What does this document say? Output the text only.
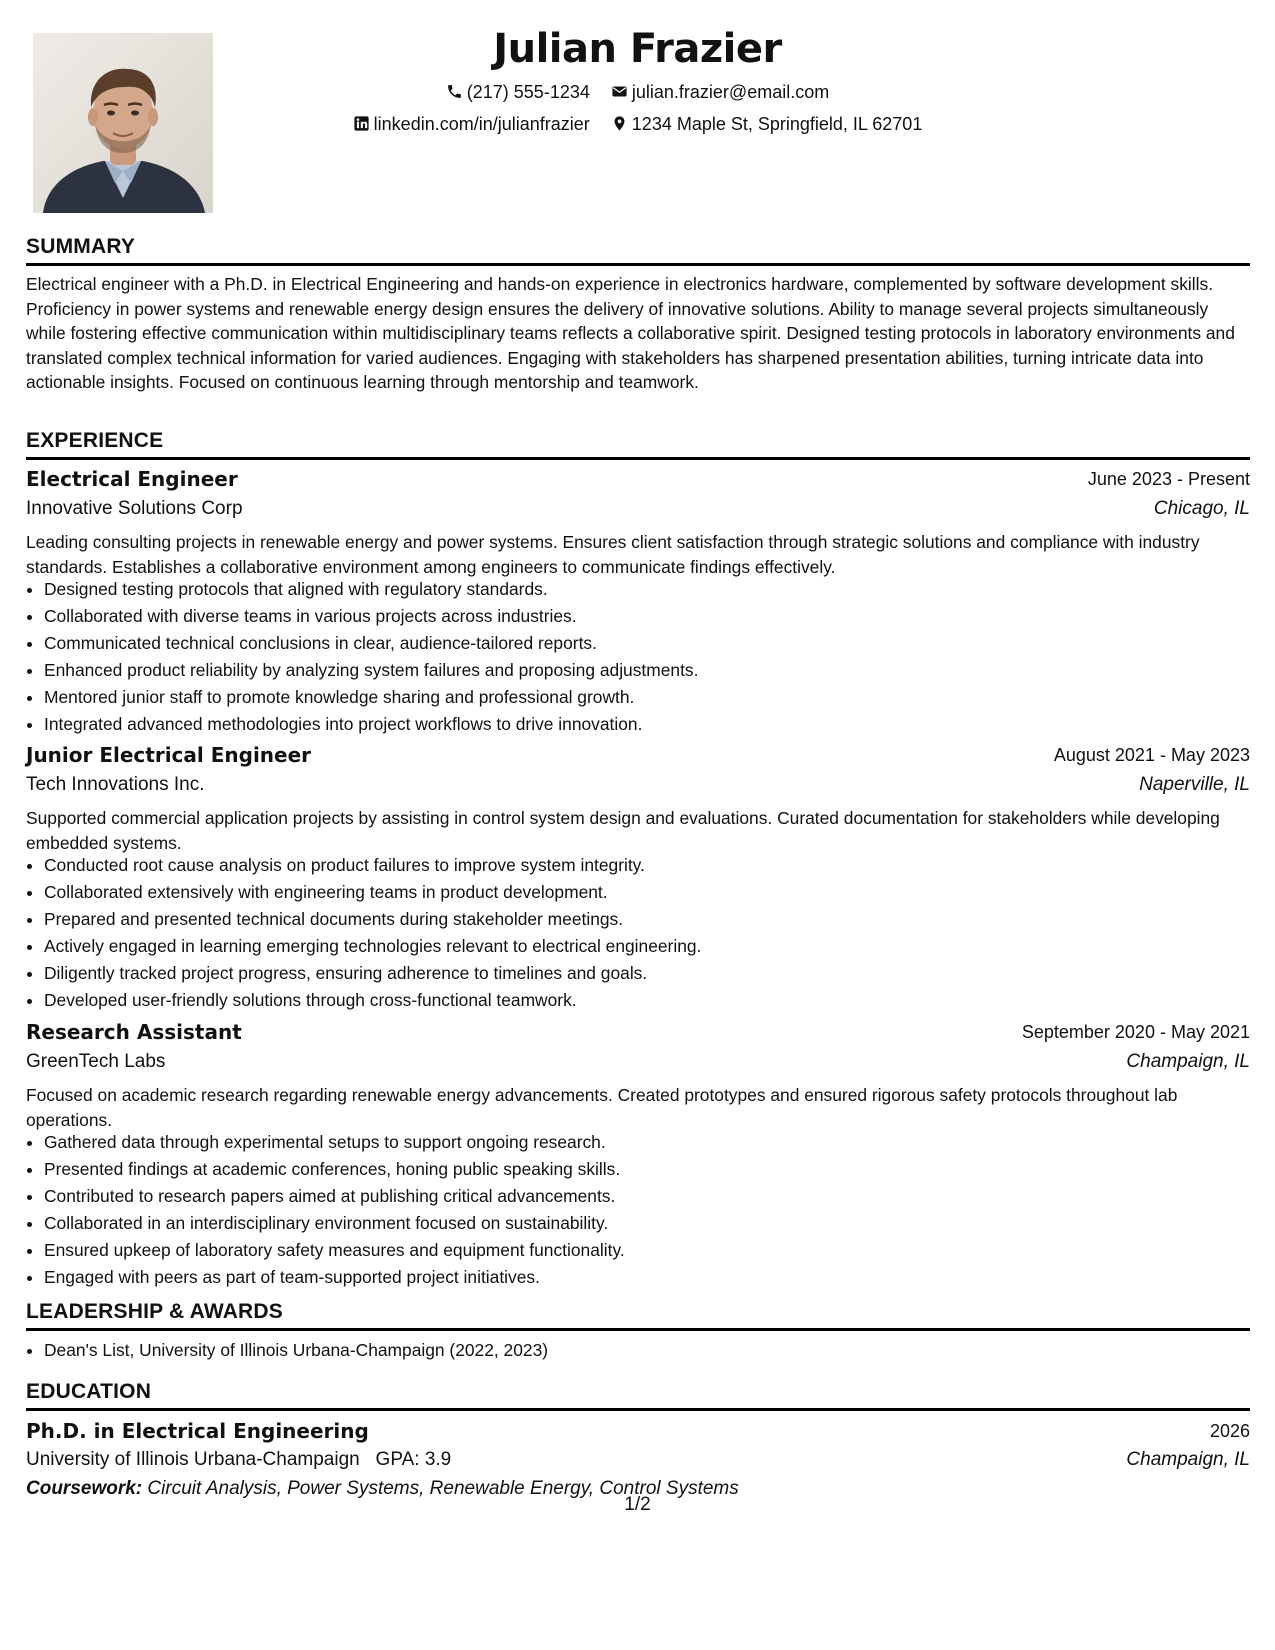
Julian Frazier
(217) 555-1234 julian.frazier@email.com
linkedin.com/in/julianfrazier 1234 Maple St, Springfield, IL 62701
SUMMARY
Electrical engineer with a Ph.D. in Electrical Engineering and hands-on experience in electronics hardware, complemented by software development skills. Proficiency in power systems and renewable energy design ensures the delivery of innovative solutions. Ability to manage several projects simultaneously while fostering effective communication within multidisciplinary teams reflects a collaborative spirit. Designed testing protocols in laboratory environments and translated complex technical information for varied audiences. Engaging with stakeholders has sharpened presentation abilities, turning intricate data into actionable insights. Focused on continuous learning through mentorship and teamwork.
EXPERIENCE
Electrical Engineer	June 2023 - Present
Innovative Solutions Corp	Chicago, IL
Leading consulting projects in renewable energy and power systems. Ensures client satisfaction through strategic solutions and compliance with industry standards. Establishes a collaborative environment among engineers to communicate findings effectively.
• Designed testing protocols that aligned with regulatory standards.
• Collaborated with diverse teams in various projects across industries.
• Communicated technical conclusions in clear, audience-tailored reports.
• Enhanced product reliability by analyzing system failures and proposing adjustments.
• Mentored junior staff to promote knowledge sharing and professional growth.
• Integrated advanced methodologies into project workflows to drive innovation.
Junior Electrical Engineer	August 2021 - May 2023
Tech Innovations Inc.	Naperville, IL
Supported commercial application projects by assisting in control system design and evaluations. Curated documentation for stakeholders while developing embedded systems.
• Conducted root cause analysis on product failures to improve system integrity.
• Collaborated extensively with engineering teams in product development.
• Prepared and presented technical documents during stakeholder meetings.
• Actively engaged in learning emerging technologies relevant to electrical engineering.
• Diligently tracked project progress, ensuring adherence to timelines and goals.
• Developed user-friendly solutions through cross-functional teamwork.
Research Assistant	September 2020 - May 2021
GreenTech Labs	Champaign, IL
Focused on academic research regarding renewable energy advancements. Created prototypes and ensured rigorous safety protocols throughout lab operations.
• Gathered data through experimental setups to support ongoing research.
• Presented findings at academic conferences, honing public speaking skills.
• Contributed to research papers aimed at publishing critical advancements.
• Collaborated in an interdisciplinary environment focused on sustainability.
• Ensured upkeep of laboratory safety measures and equipment functionality.
• Engaged with peers as part of team-supported project initiatives.
LEADERSHIP & AWARDS
• Dean's List, University of Illinois Urbana-Champaign (2022, 2023)
EDUCATION
Ph.D. in Electrical Engineering	2026
University of Illinois Urbana-Champaign GPA: 3.9	Champaign, IL
Coursework: Circuit Analysis, Power Systems, Renewable Energy, Control Systems
1/2
